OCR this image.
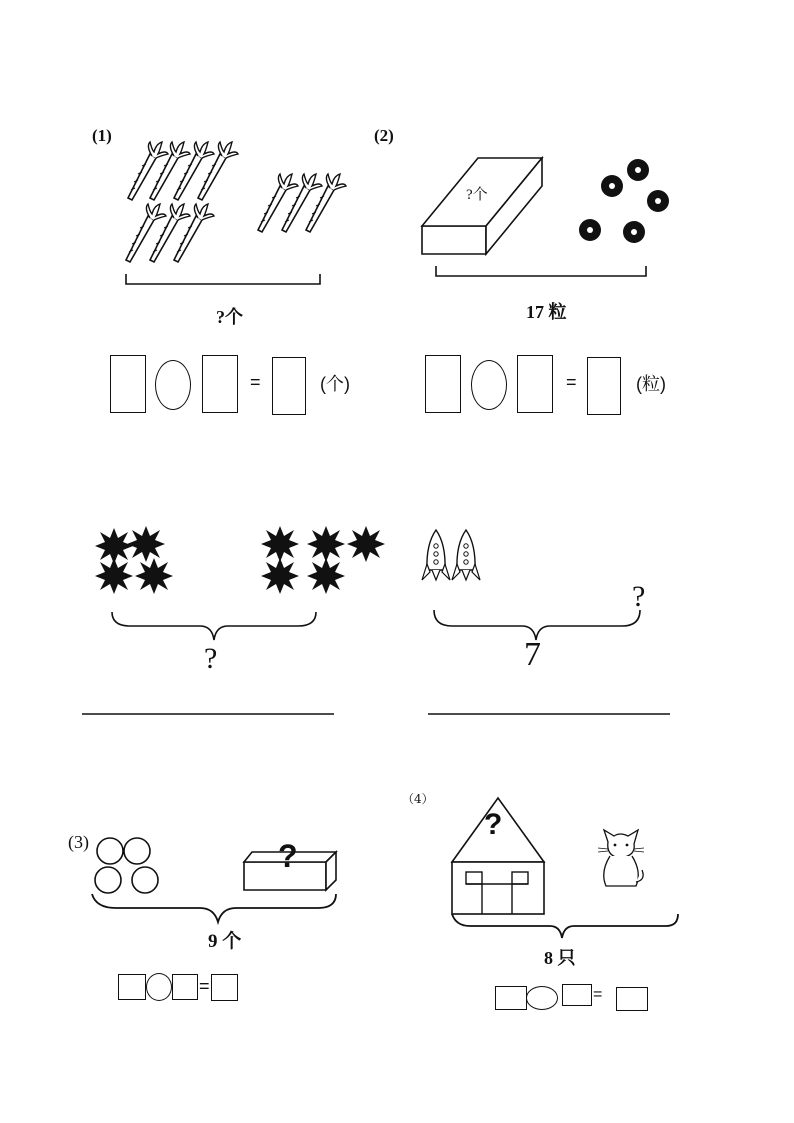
(1)
?个
=	(个)
(2)
?个
17 粒
=	(粒)
?
?
7
(3)	?
9 个
=
（4）
?
8 只
=
